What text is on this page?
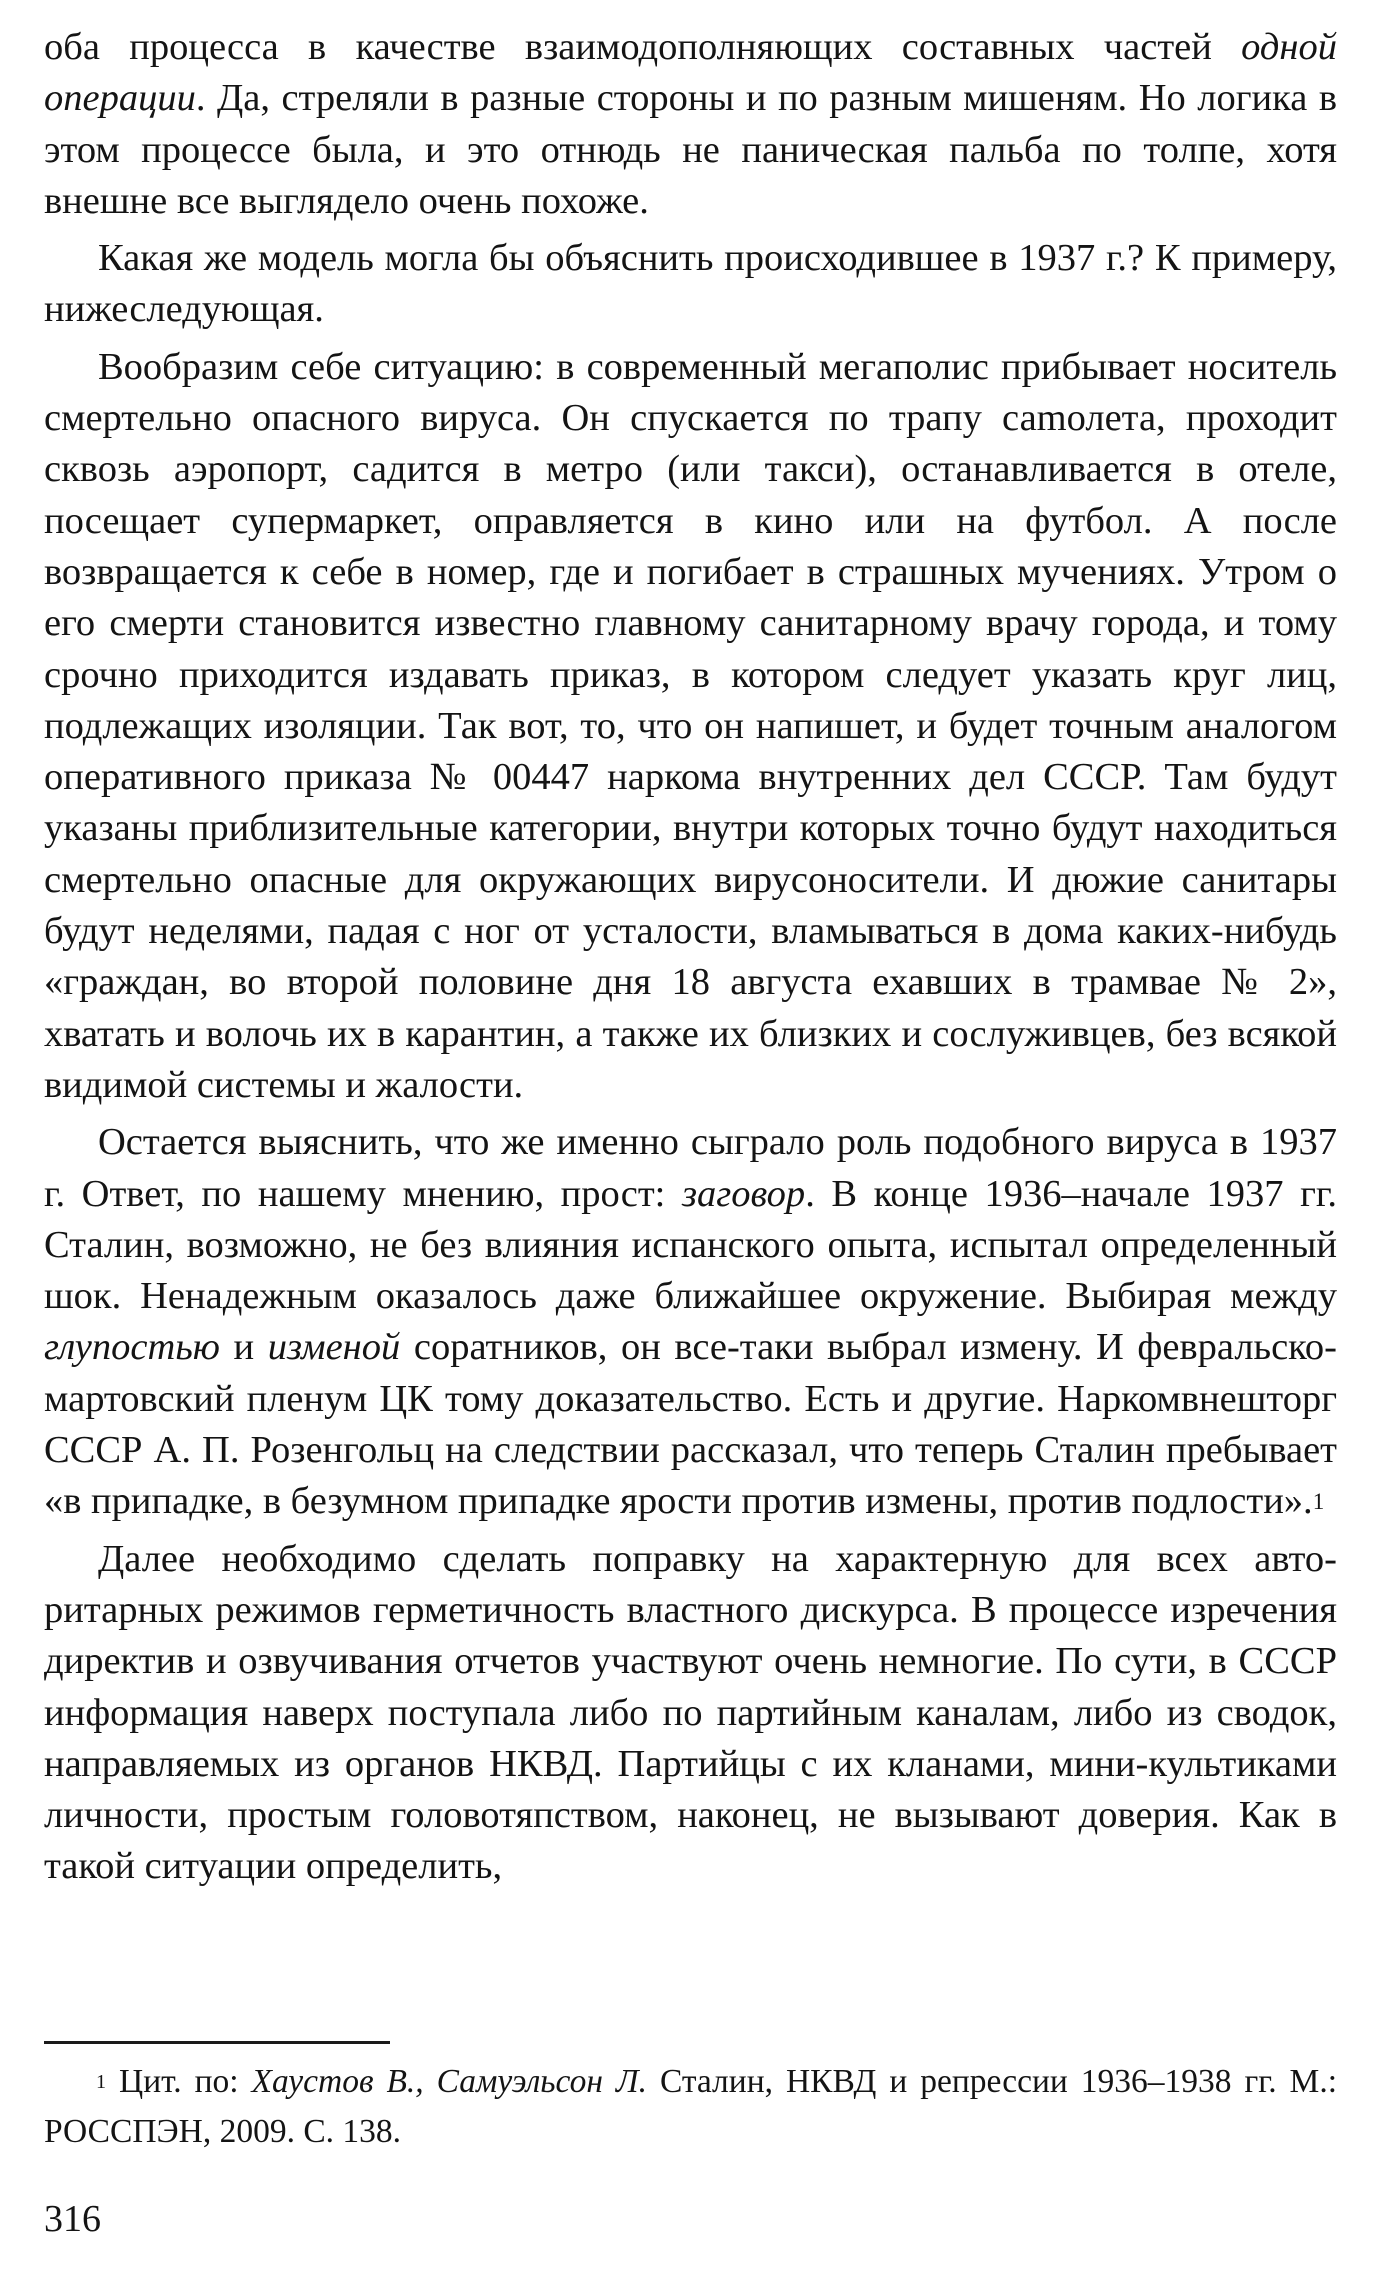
оба процесса в качестве взаимодополняющих составных частей одной операции. Да, стреляли в разные стороны и по разным мишеням. Но логика в этом процессе была, и это отнюдь не паническая пальба по толпе, хотя внешне все выглядело очень похоже.

Какая же модель могла бы объяснить происходившее в 1937 г.? К примеру, нижеследующая.

Вообразим себе ситуацию: в современный мегаполис прибывает носитель смертельно опасного вируса. Он спускается по трапу саmолета, проходит сквозь аэропорт, садится в метро (или такси), останавливается в отеле, посещает супермаркет, оправляется в кино или на футбол. А после возвращается к себе в номер, где и погибает в страшных мучениях. Утром о его смерти становится известно главному санитарному врачу города, и тому срочно приходится издавать приказ, в котором следует указать круг лиц, подлежащих изоляции. Так вот, то, что он напишет, и будет точным аналогом оперативного приказа № 00447 наркома внутренних дел СССР. Там будут указаны приблизительные категории, внутри которых точно будут находиться смертельно опасные для окружающих вирусоносители. И дюжие санитары будут неделями, падая с ног от усталости, вламываться в дома каких-нибудь «граждан, во второй половине дня 18 августа ехавших в трамвае № 2», хватать и волочь их в карантин, а также их близких и сослуживцев, без всякой видимой системы и жалости.

Остается выяснить, что же именно сыграло роль подобного вируса в 1937 г. Ответ, по нашему мнению, прост: заговор. В конце 1936–начале 1937 гг. Сталин, возможно, не без влияния испанского опыта, испытал определенный шок. Ненадежным оказалось даже ближайшее окружение. Выбирая между глупостью и изменой соратников, он все-таки выбрал измену. И февральско-мартовский пленум ЦК тому доказательство. Есть и другие. Наркомвнешторг СССР А. П. Розенгольц на следствии рассказал, что теперь Сталин пребывает «в припадке, в безумном припадке ярости против измены, против подлости».$^1$

Далее необходимо сделать поправку на характерную для всех авторитарных режимов герметичность властного дискурса. В процессе изречения директив и озвучивания отчетов участвуют очень немногие. По сути, в СССР информация наверх поступала либо по партийным каналам, либо из сводок, направляемых из органов НКВД. Партийцы с их кланами, мини-культиками личности, простым головотяпством, наконец, не вызывают доверия. Как в такой ситуации определить,

$^1$ Цит. по: Хаустов В., Самуэльсон Л. Сталин, НКВД и репрессии 1936–1938 гг. М.: РОССПЭН, 2009. С. 138.

316
